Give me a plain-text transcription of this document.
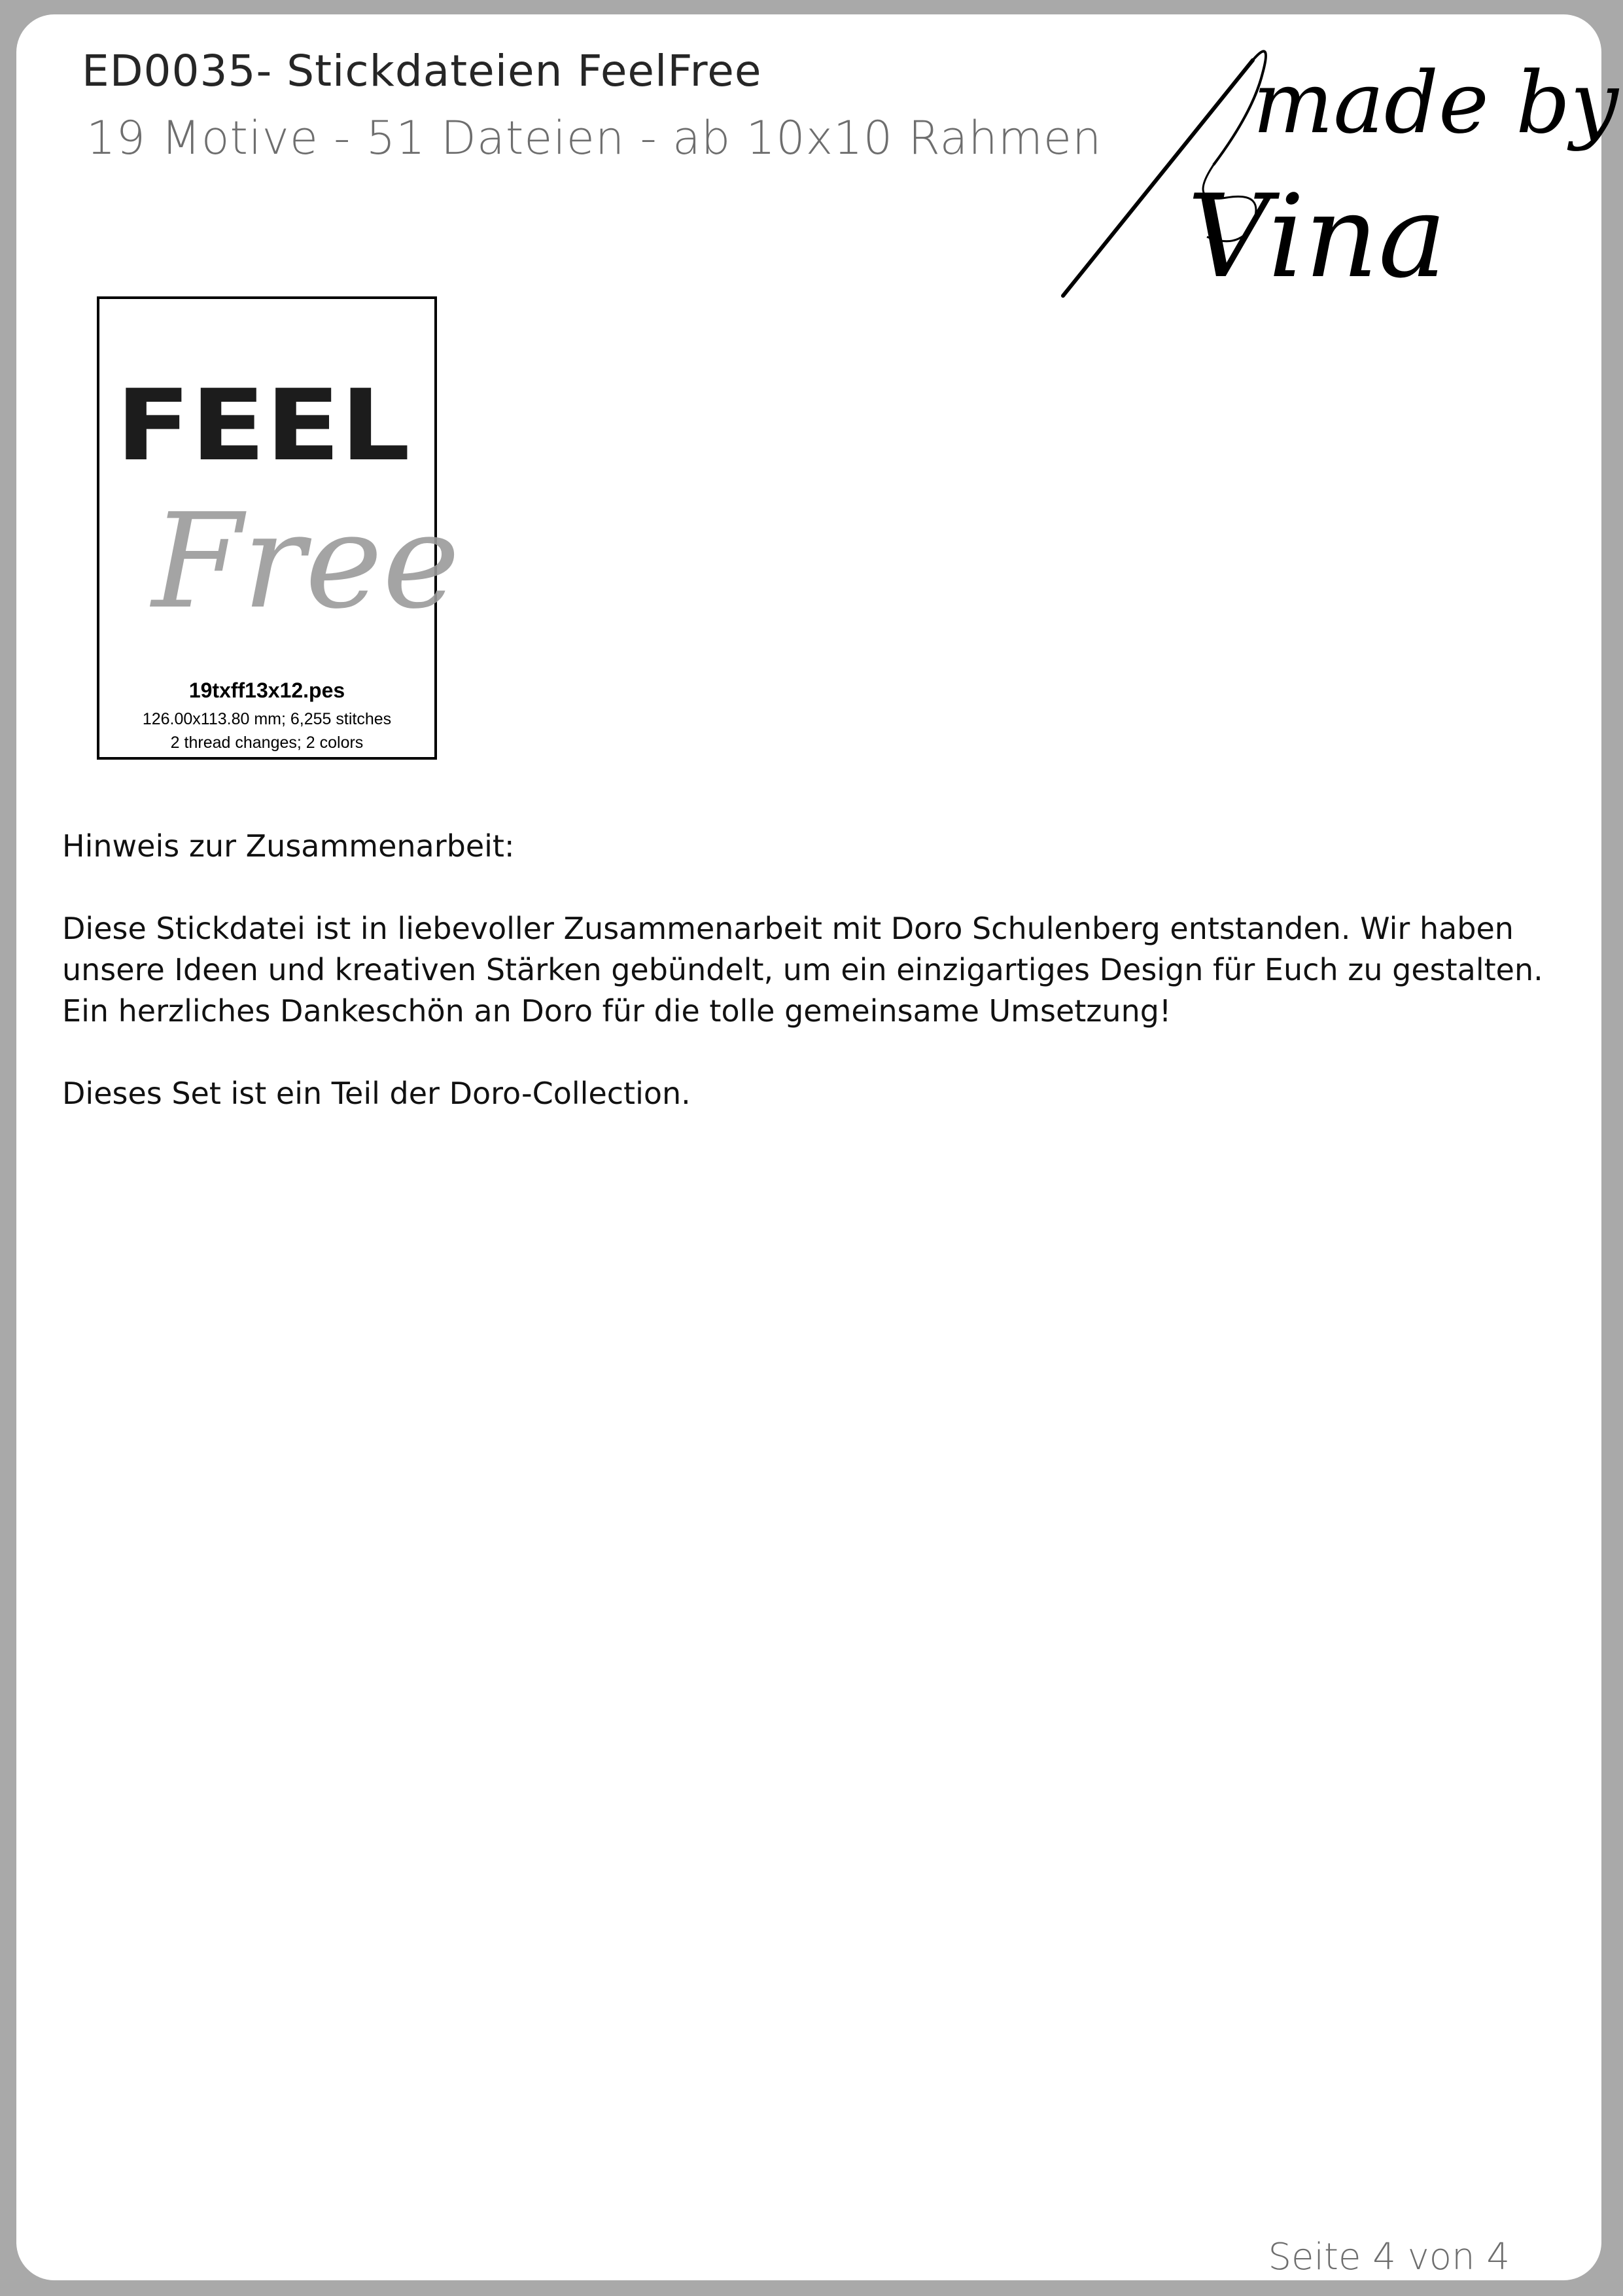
ED0035- Stickdateien FeelFree
19 Motive - 51 Dateien - ab 10x10 Rahmen made by
Vina
FEEL
Free
19txff13x12.pes
126.00x113.80 mm; 6,255 stitches
2 thread changes; 2 colors

Hinweis zur Zusammenarbeit:

Diese Stickdatei ist in liebevoller Zusammenarbeit mit Doro Schulenberg entstanden. Wir haben unsere Ideen und kreativen Stärken gebündelt, um ein einzigartiges Design für Euch zu gestalten. Ein herzliches Dankeschön an Doro für die tolle gemeinsame Umsetzung!

Dieses Set ist ein Teil der Doro-Collection.

Seite 4 von 4
